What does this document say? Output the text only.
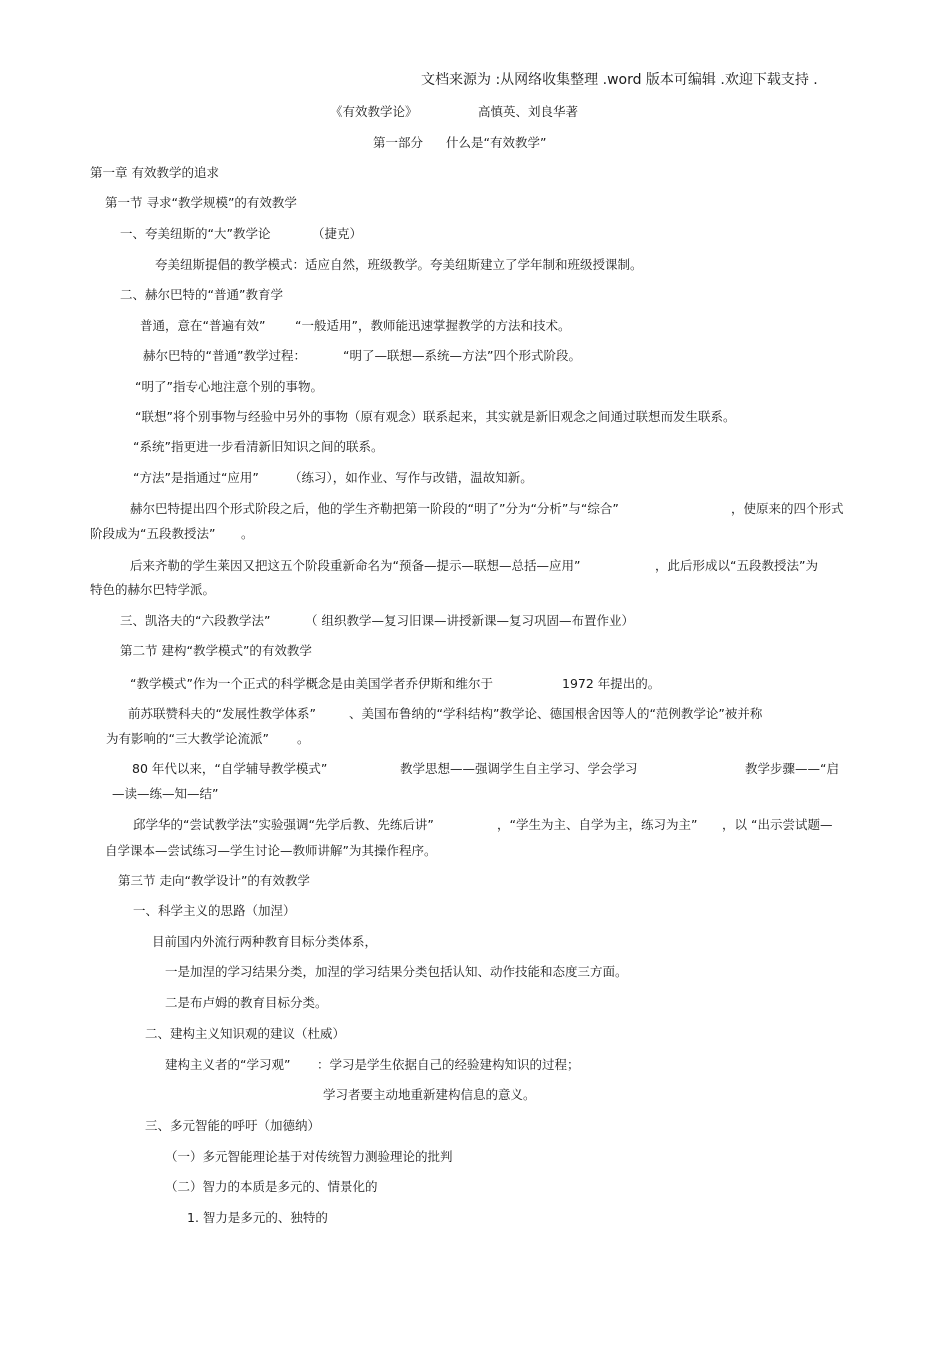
文档来源为 :从网络收集整理 .word 版本可编辑 .欢迎下载支持 .
《有效教学论》	高慎英、刘良华著
第一部分 什么是“有效教学”
第一章 有效教学的追求
第一节 寻求“教学规模”的有效教学
一、夸美纽斯的“大”教学论	（捷克）
夸美纽斯提倡的教学模式：适应自然，班级教学。夸美纽斯建立了学年制和班级授课制。
二、赫尔巴特的“普通”教育学
普通，意在“普遍有效” “一般适用”，教师能迅速掌握教学的方法和技术。
赫尔巴特的“普通”教学过程：	“明了—联想—系统—方法”四个形式阶段。
“明了”指专心地注意个别的事物。
“联想”将个别事物与经验中另外的事物（原有观念）联系起来，其实就是新旧观念之间通过联想而发生联系。
“系统”指更进一步看清新旧知识之间的联系。
“方法”是指通过“应用” （练习），如作业、写作与改错，温故知新。
赫尔巴特提出四个形式阶段之后，他的学生齐勒把第一阶段的“明了”分为“分析”与“综合”	，使原来的四个形式
阶段成为“五段教授法” 。
后来齐勒的学生莱因又把这五个阶段重新命名为“预备—提示—联想—总括—应用”	，此后形成以“五段教授法”为
特色的赫尔巴特学派。
三、凯洛夫的“六段教学法”	（ 组织教学—复习旧课—讲授新课—复习巩固—布置作业）
第二节 建构“教学模式”的有效教学
“教学模式”作为一个正式的科学概念是由美国学者乔伊斯和维尔于	1972 年提出的。
前苏联赞科夫的“发展性教学体系”	、美国布鲁纳的“学科结构”教学论、德国根舍因等人的“范例教学论”被并称
为有影响的“三大教学论流派” 。
80 年代以来，“自学辅导教学模式”	教学思想——强调学生自主学习、学会学习	教学步骤——“启
—读—练—知—结”
邱学华的“尝试教学法”实验强调“先学后教、先练后讲”	，“学生为主、自学为主，练习为主” ，以 “出示尝试题—
自学课本—尝试练习—学生讨论—教师讲解”为其操作程序。
第三节 走向“教学设计”的有效教学
一、科学主义的思路（加涅）
目前国内外流行两种教育目标分类体系，
一是加涅的学习结果分类，加涅的学习结果分类包括认知、动作技能和态度三方面。
二是布卢姆的教育目标分类。
二、建构主义知识观的建议（杜威）
建构主义者的“学习观” ：学习是学生依据自己的经验建构知识的过程；
学习者要主动地重新建构信息的意义。
三、多元智能的呼吁（加德纳）
（一）多元智能理论基于对传统智力测验理论的批判
（二）智力的本质是多元的、情景化的
1. 智力是多元的、独特的
